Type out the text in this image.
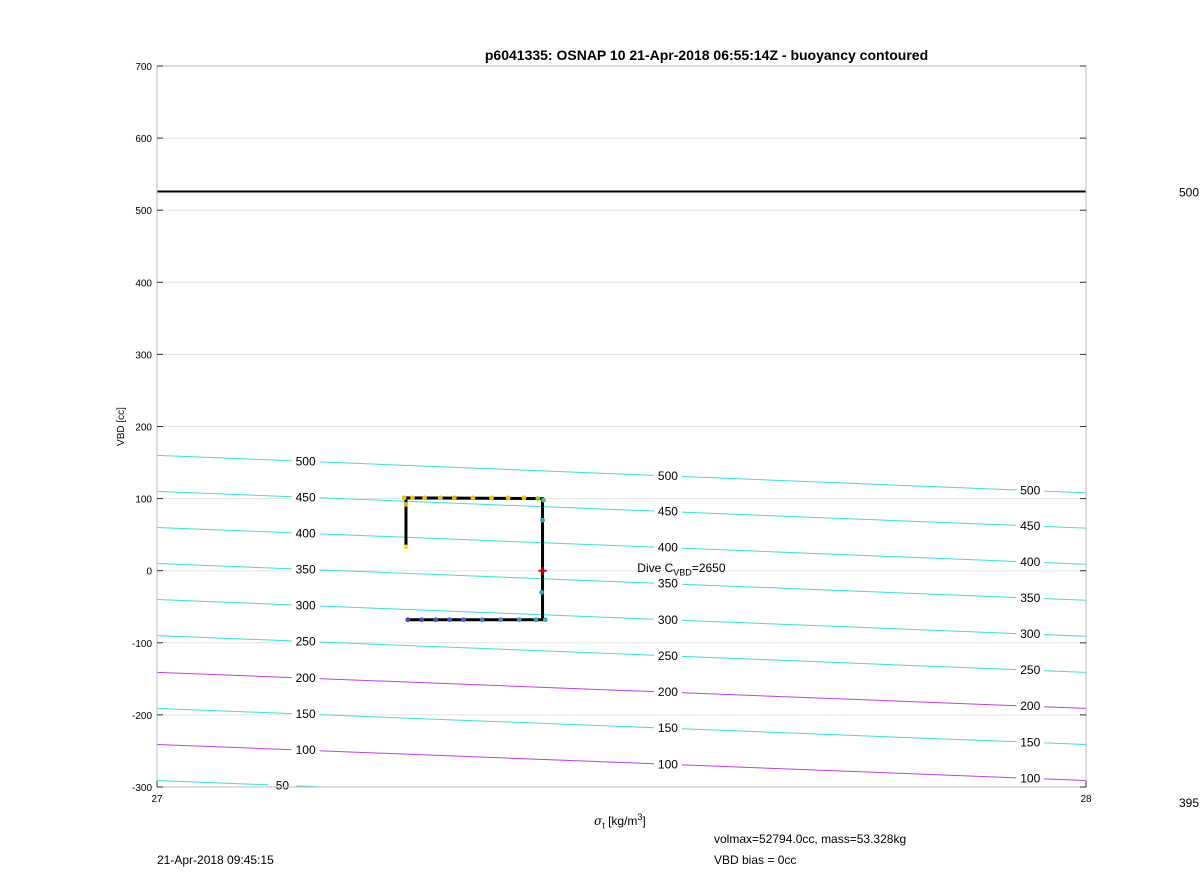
500
500
500
450
450
450
400
400
400
350
350
350
300
300
300
250
250
250
200
200
200
150
150
150
100
100
100
50
-300
-200
-100
0
100
200
300
400
500
600
700
27	28
p6041335: OSNAP 10 21-Apr-2018 06:55:14Z - buoyancy contoured
VBD [cc]
500
395
$\sigma_t$ $[kg/m^3]$
Dive $C_{VBD}=2650$
21-Apr-2018 09:45:15
volmax=52794.0cc, mass=53.328kg
VBD bias = 0cc
